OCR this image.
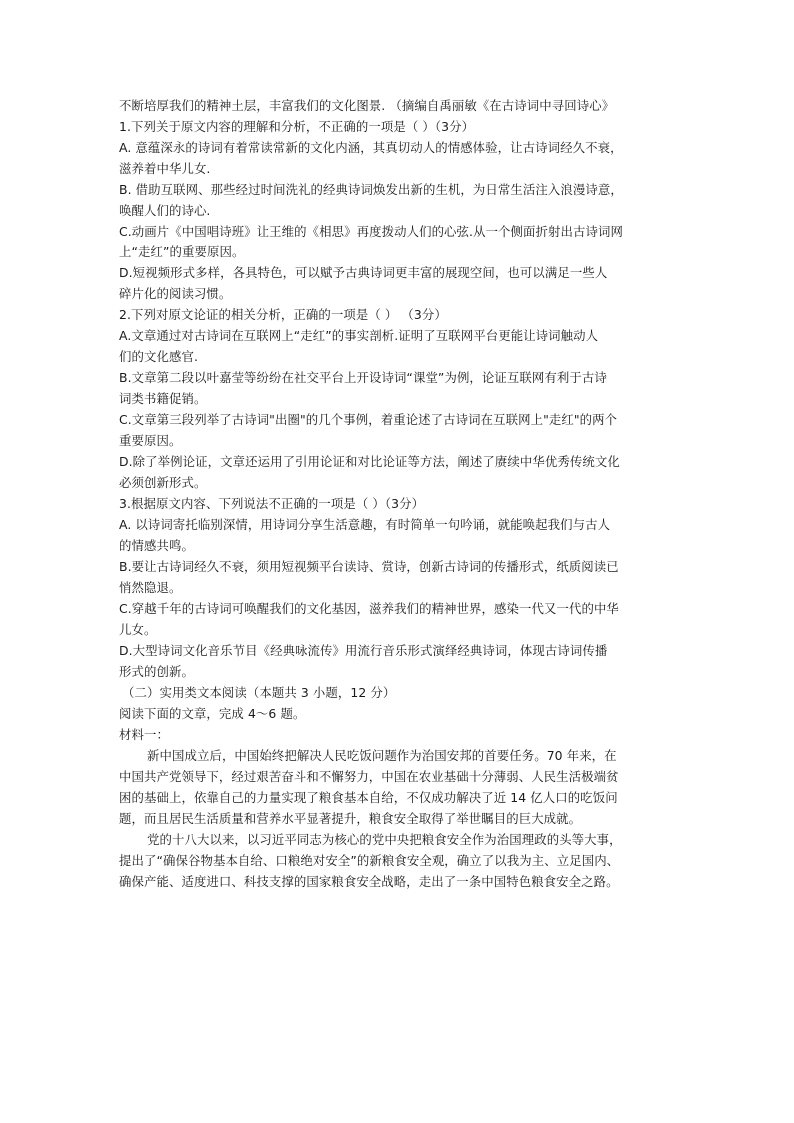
不断培厚我们的精神土层，丰富我们的文化图景. （摘编自禹丽敏《在古诗词中寻回诗心》
1.下列关于原文内容的理解和分析，不正确的一项是（ ）（3分）
A. 意蕴深永的诗词有着常读常新的文化内涵，其真切动人的情感体验，让古诗词经久不衰，
滋养着中华儿女.
B. 借助互联网、那些经过时间洗礼的经典诗词焕发出新的生机，为日常生活注入浪漫诗意，
唤醒人们的诗心.
C.动画片《中国唱诗班》让王维的《相思》再度拨动人们的心弦.从一个侧面折射出古诗词网
上“走红”的重要原因。
D.短视频形式多样，各具特色，可以赋予古典诗词更丰富的展现空间，也可以满足一些人
碎片化的阅读习惯。
2.下列对原文论证的相关分析，正确的一项是（ ） （3分）
A.文章通过对古诗词在互联网上“走红”的事实剖析.证明了互联网平台更能让诗词触动人
们的文化感官.
B.文章第二段以叶嘉莹等纷纷在社交平台上开设诗词“课堂”为例，论证互联网有利于古诗
词类书籍促销。
C.文章第三段列举了古诗词"出圈"的几个事例，着重论述了古诗词在互联网上"走红"的两个
重要原因。
D.除了举例论证，文章还运用了引用论证和对比论证等方法，阐述了赓续中华优秀传统文化
必须创新形式。
3.根据原文内容、下列说法不正确的一项是（ ）（3分）
A. 以诗词寄托临别深情，用诗词分享生活意趣，有时简单一句吟诵，就能唤起我们与古人
的情感共鸣。
B.要让古诗词经久不衰，须用短视频平台读诗、赏诗，创新古诗词的传播形式，纸质阅读已
悄然隐退。
C.穿越千年的古诗词可唤醒我们的文化基因，滋养我们的精神世界，感染一代又一代的中华
儿女。
D.大型诗词文化音乐节目《经典咏流传》用流行音乐形式演绎经典诗词，体现古诗词传播
形式的创新。
（二）实用类文本阅读（本题共 3 小题，12 分）
阅读下面的文章，完成 4～6 题。
材料一：
新中国成立后，中国始终把解决人民吃饭问题作为治国安邦的首要任务。70 年来，在
中国共产党领导下，经过艰苦奋斗和不懈努力，中国在农业基础十分薄弱、人民生活极端贫
困的基础上，依靠自己的力量实现了粮食基本自给，不仅成功解决了近 14 亿人口的吃饭问
题，而且居民生活质量和营养水平显著提升，粮食安全取得了举世瞩目的巨大成就。
党的十八大以来，以习近平同志为核心的党中央把粮食安全作为治国理政的头等大事，
提出了“确保谷物基本自给、口粮绝对安全”的新粮食安全观，确立了以我为主、立足国内、
确保产能、适度进口、科技支撑的国家粮食安全战略，走出了一条中国特色粮食安全之路。
